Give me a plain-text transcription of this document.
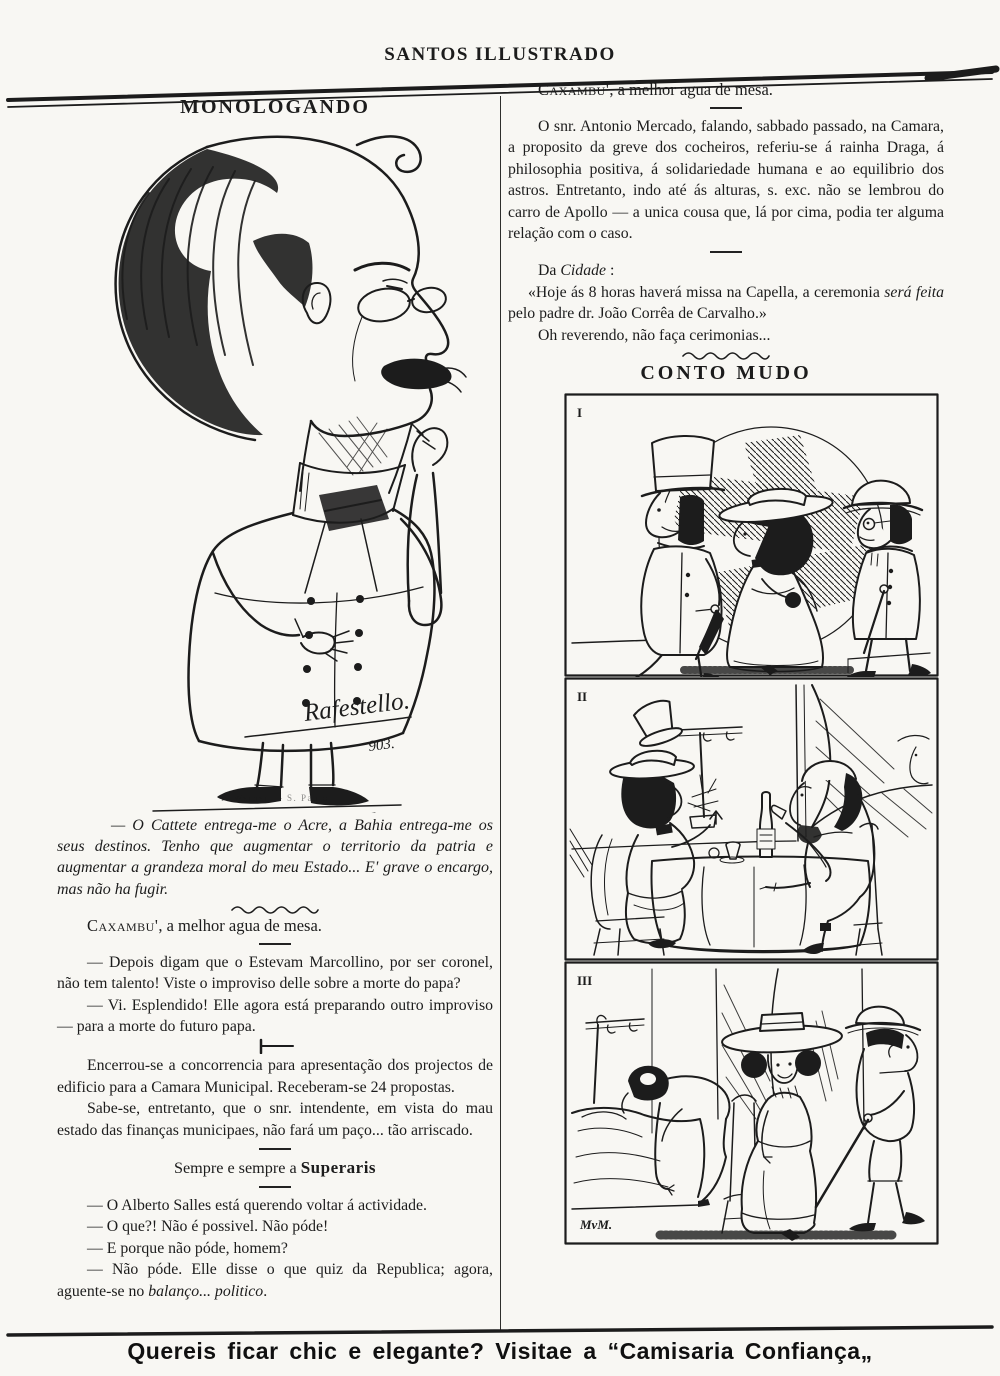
SANTOS ILLUSTRADO
MONOLOGANDO
Rafestello.
903.
P. Werner — S. Paulo

— O Cattete entrega-me o Acre, a Bahia entrega-me os seus destinos. Tenho que augmentar o territorio da patria e augmentar a grandeza moral do meu Estado... E' grave o encargo, mas não ha fugir.

Caxambu', a melhor agua de mesa.

— Depois digam que o Estevam Marcollino, por ser coronel, não tem talento! Viste o improviso delle sobre a morte do papa?

— Vi. Esplendido! Elle agora está preparando outro improviso — para a morte do futuro papa.

Encerrou-se a concorrencia para apresentação dos projectos de edificio para a Camara Municipal. Receberam-se 24 propostas.

Sabe-se, entretanto, que o snr. intendente, em vista do mau estado das finanças municipaes, não fará um paço... tão arriscado.

Sempre e sempre a Superaris

— O Alberto Salles está querendo voltar á actividade.

— O que?! Não é possivel. Não póde!

— E porque não póde, homem?

— Não póde. Elle disse o que quiz da Republica; agora, aguente-se no balanço... politico.

Caxambu', a melhor agua de mesa.

O snr. Antonio Mercado, falando, sabbado passado, na Camara, a proposito da greve dos cocheiros, referiu-se á rainha Draga, á philosophia positiva, á solidariedade humana e ao equilibrio dos astros. Entretanto, indo até ás alturas, s. exc. não se lembrou do carro de Apollo — a unica cousa que, lá por cima, podia ter alguma relação com o caso.

Da Cidade :

«Hoje ás 8 horas haverá missa na Capella, a ceremonia será feita pelo padre dr. João Corrêa de Carvalho.»

Oh reverendo, não faça cerimonias...

CONTO MUDO
I
II
MvM.
III
Quereis ficar chic e elegante? Visitae a “Camisaria Confiança„
